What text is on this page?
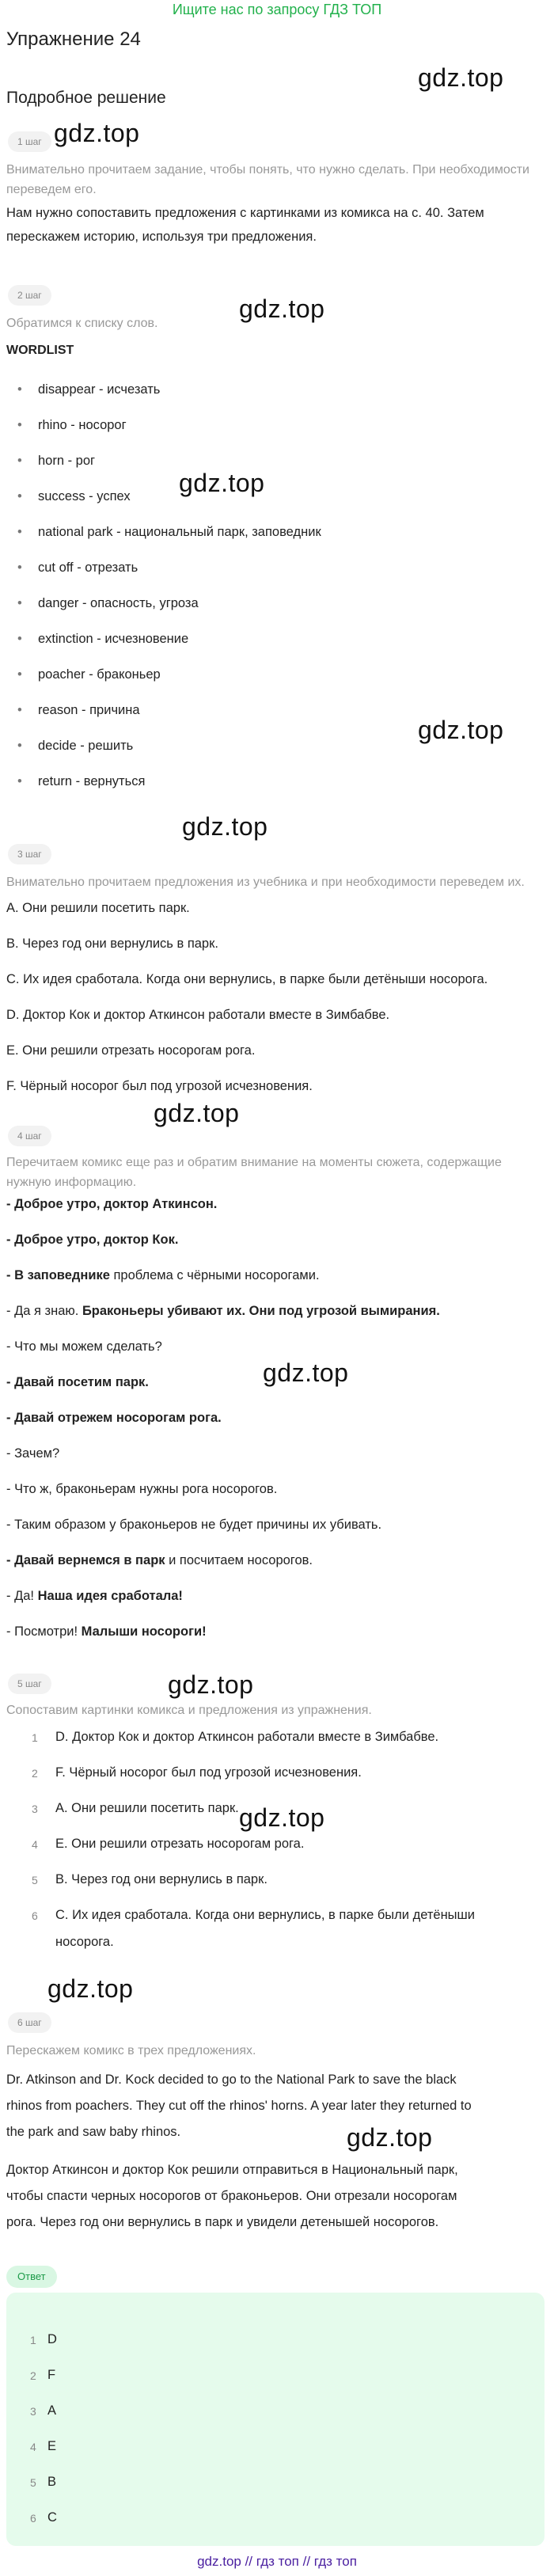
Ищите нас по запросу ГДЗ ТОП
Упражнение 24
Подробное решение
gdz.top
gdz.top
gdz.top
gdz.top
gdz.top
gdz.top
gdz.top
gdz.top
gdz.top
gdz.top
gdz.top
gdz.top
1 шаг
Внимательно прочитаем задание, чтобы понять, что нужно сделать. При необходимости переведем его.
Нам нужно сопоставить предложения с картинками из комикса на с. 40. Затем перескажем историю, используя три предложения.
2 шаг
Обратимся к списку слов.
WORDLIST
• disappear - исчезать
• rhino - носорог
• horn - рог
• success - успех
• national park - национальный парк, заповедник
• cut off - отрезать
• danger - опасность, угроза
• extinction - исчезновение
• poacher - браконьер
• reason - причина
• decide - решить
• return - вернуться
3 шаг
Внимательно прочитаем предложения из учебника и при необходимости переведем их.
A. Они решили посетить парк.
B. Через год они вернулись в парк.
C. Их идея сработала. Когда они вернулись, в парке были детёныши носорога.
D. Доктор Кок и доктор Аткинсон работали вместе в Зимбабве.
E. Они решили отрезать носорогам рога.
F. Чёрный носорог был под угрозой исчезновения.
4 шаг
Перечитаем комикс еще раз и обратим внимание на моменты сюжета, содержащие нужную информацию.
- Доброе утро, доктор Аткинсон.
- Доброе утро, доктор Кок.
- В заповеднике проблема с чёрными носорогами.
- Да я знаю. Браконьеры убивают их. Они под угрозой вымирания.
- Что мы можем сделать?
- Давай посетим парк.
- Давай отрежем носорогам рога.
- Зачем?
- Что ж, браконьерам нужны рога носорогов.
- Таким образом у браконьеров не будет причины их убивать.
- Давай вернемся в парк и посчитаем носорогов.
- Да! Наша идея сработала!
- Посмотри! Малыши носороги!
5 шаг
Сопоставим картинки комикса и предложения из упражнения.
1 D. Доктор Кок и доктор Аткинсон работали вместе в Зимбабве.
2 F. Чёрный носорог был под угрозой исчезновения.
3 A. Они решили посетить парк.
4 E. Они решили отрезать носорогам рога.
5 B. Через год они вернулись в парк.
6 C. Их идея сработала. Когда они вернулись, в парке были детёныши
носорога.
6 шаг
Перескажем комикс в трех предложениях.
Dr. Atkinson and Dr. Kock decided to go to the National Park to save the black
rhinos from poachers. They cut off the rhinos' horns. A year later they returned to
the park and saw baby rhinos.
Доктор Аткинсон и доктор Кок решили отправиться в Национальный парк,
чтобы спасти черных носорогов от браконьеров. Они отрезали носорогам
рога. Через год они вернулись в парк и увидели детенышей носорогов.
Ответ
1 D
2 F
3 A
4 E
5 B
6 C
gdz.top // гдз топ // гдз топ
